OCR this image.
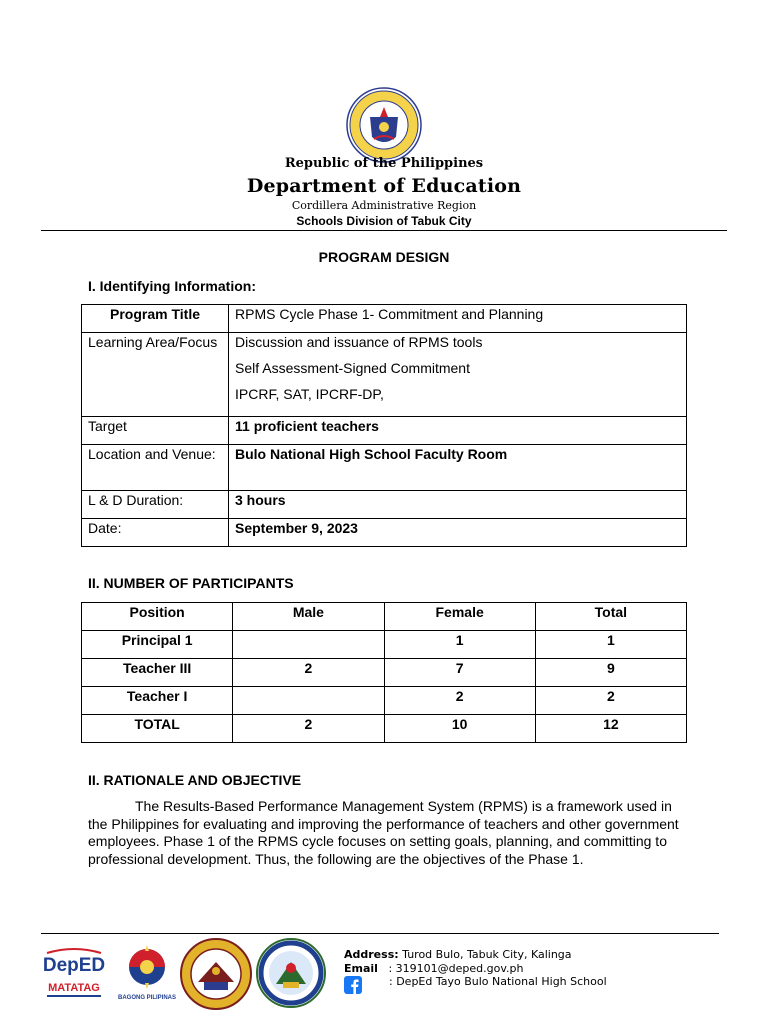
Republic of the Philippines
Department of Education
Cordillera Administrative Region
Schools Division of Tabuk City
PROGRAM DESIGN
I. Identifying Information:
Program Title	RPMS Cycle Phase 1- Commitment and Planning
Learning Area/Focus	Discussion and issuance of RPMS tools

Self Assessment-Signed Commitment

IPCRF, SAT, IPCRF-DP,

Target	11 proficient teachers
Location and Venue:	Bulo National High School Faculty Room
L & D Duration:	3 hours
Date:	September 9, 2023
II. NUMBER OF PARTICIPANTS
Position	Male	Female	Total
Principal 1		1	1
Teacher III	2	7	9
Teacher I		2	2
TOTAL	2	10	12
II. RATIONALE AND OBJECTIVE
The Results-Based Performance Management System (RPMS) is a framework used in the Philippines for evaluating and improving the performance of teachers and other government employees. Phase 1 of the RPMS cycle focuses on setting goals, planning, and committing to professional development. Thus, the following are the objectives of the Phase 1.
DepED
MATATAG
BAGONG PILIPINAS
Address: Turod Bulo, Tabuk City, Kalinga
Email : 319101@deped.gov.ph
: DepEd Tayo Bulo National High School
